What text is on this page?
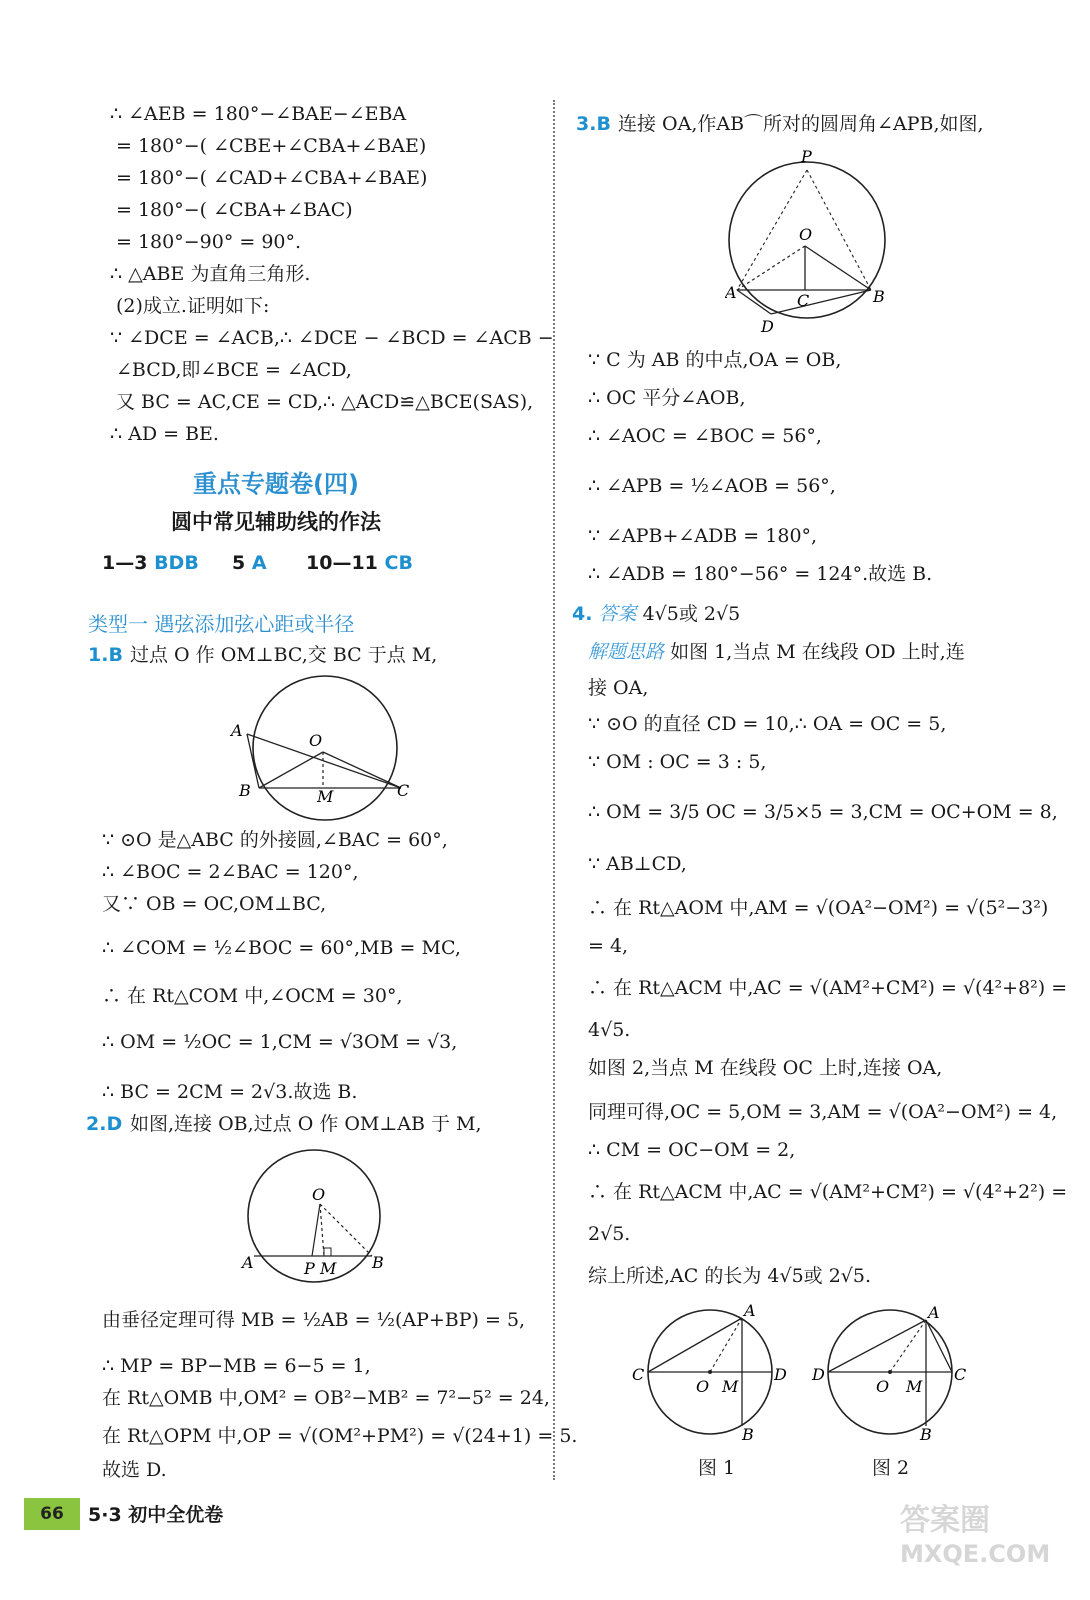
∴ ∠AEB = 180°−∠BAE−∠EBA
= 180°−( ∠CBE+∠CBA+∠BAE)
= 180°−( ∠CAD+∠CBA+∠BAE)
= 180°−( ∠CBA+∠BAC)
= 180°−90° = 90°.
∴ △ABE 为直角三角形.
(2)成立.证明如下:
∵ ∠DCE = ∠ACB,∴ ∠DCE − ∠BCD = ∠ACB −
∠BCD,即∠BCE = ∠ACD,
又 BC = AC,CE = CD,∴ △ACD≌△BCE(SAS),
∴ AD = BE.
重点专题卷(四)
圆中常见辅助线的作法
1—3 BDB 5 A 10—11 CB
类型一 遇弦添加弦心距或半径
1.B 过点 O 作 OM⊥BC,交 BC 于点 M,
A
O
B	M	C
∵ ⊙O 是△ABC 的外接圆,∠BAC = 60°,
∴ ∠BOC = 2∠BAC = 120°,
又∵ OB = OC,OM⊥BC,
∴ ∠COM = ½∠BOC = 60°,MB = MC,
∴ 在 Rt△COM 中,∠OCM = 30°,
∴ OM = ½OC = 1,CM = √3OM = √3,
∴ BC = 2CM = 2√3.故选 B.
2.D 如图,连接 OB,过点 O 作 OM⊥AB 于 M,
O
A	P M B
由垂径定理可得 MB = ½AB = ½(AP+BP) = 5,
∴ MP = BP−MB = 6−5 = 1,
在 Rt△OMB 中,OM² = OB²−MB² = 7²−5² = 24,
在 Rt△OPM 中,OP = √(OM²+PM²) = √(24+1) = 5.
故选 D.
3.B 连接 OA,作AB⌒所对的圆周角∠APB,如图,
P
O
A	C	B
D
∵ C 为 AB 的中点,OA = OB,
∴ OC 平分∠AOB,
∴ ∠AOC = ∠BOC = 56°,
∴ ∠APB = ½∠AOB = 56°,
∵ ∠APB+∠ADB = 180°,
∴ ∠ADB = 180°−56° = 124°.故选 B.
4. 答案 4√5或 2√5
解题思路 如图 1,当点 M 在线段 OD 上时,连
接 OA,
∵ ⊙O 的直径 CD = 10,∴ OA = OC = 5,
∵ OM : OC = 3 : 5,
∴ OM = 3/5 OC = 3/5×5 = 3,CM = OC+OM = 8,
∵ AB⊥CD,
∴ 在 Rt△AOM 中,AM = √(OA²−OM²) = √(5²−3²)
= 4,
∴ 在 Rt△ACM 中,AC = √(AM²+CM²) = √(4²+8²) =
4√5.
如图 2,当点 M 在线段 OC 上时,连接 OA,
同理可得,OC = 5,OM = 3,AM = √(OA²−OM²) = 4,
∴ CM = OC−OM = 2,
∴ 在 Rt△ACM 中,AC = √(AM²+CM²) = √(4²+2²) =
2√5.
综上所述,AC 的长为 4√5或 2√5.
A
C
O M
D
B
图 1
A
D
O M
C
B
图 2
66	5·3 初中全优卷	答案圈
MXQE.COM
